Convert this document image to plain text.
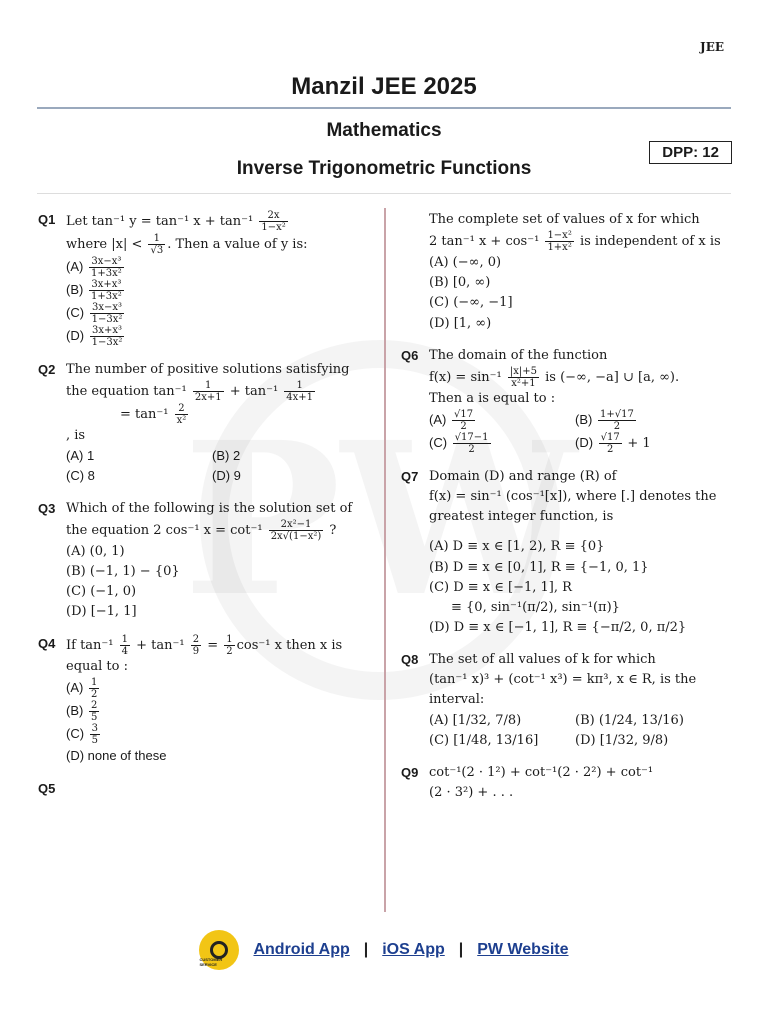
JEE
Manzil JEE 2025
Mathematics
DPP: 12
Inverse Trigonometric Functions
Q1 Let tan⁻¹ y = tan⁻¹ $x + \tan^{-1} \frac{2x}{\text{1−x²}}$

where $|x| < \frac{1}{√3}$ . Then a value of y is:
$(A) \frac{\text{3x−x³}}{\text{1+3x²}}$
$(B) \frac{\text{3x+x³}}{\text{1+3x²}}$
$(C) \frac{\text{3x−x³}}{\text{1−3x²}}$
$(D) \frac{\text{3x+x³}}{\text{1−3x²}}$
Q2 The number of positive solutions satisfying the equation $\tan^{-1} \frac{1}{2x+1} + \tan^{-1} \frac{1}{4x+1}$
= $\tan^{-1} \frac{2}{\text{x²}}$
, is
(A) 1	(B) 2
(C) 8	(D) 9
Q3 Which of the following is the solution set of the equation 2 cos⁻¹ $x = \cot^{-1} \frac{\text{2x²−1}}{\text{2x√(1−x²)}}$ ?
(A) (0, 1)
(B) (−1, 1) − {0}
(C) (−1, 0)
(D) [−1, 1]
Q4 If $\tan^{-1} \frac{1}{4} + \tan^{-1} \frac{2}{9} = \frac{1}{2} \cos^{-1}$ x then x is equal to :
$(A) \frac{1}{2}$
$(B) \frac{2}{5}$
$(C) \frac{3}{5}$
(D) none of these
Q5

The complete set of values of x for which
2 tan⁻¹ $x + \cos^{-1} \frac{\text{1−x²}}{\text{1+x²}}$ is independent of x is
(A) (−∞, 0)
(B) [0, ∞)
(C) (−∞, −1]
(D) [1, ∞)
Q6 The domain of the function
$f(x) = \sin^{-1} \frac{|x|+5}{\text{x²+1}}$ is (−∞, −a] ∪ [a, ∞).
Then a is equal to :
$(A) \frac{√17}{2}$	$(B) \frac{1+√17}{2}$
$(C) \frac{√17-1}{2}$	$(D) \frac{√17}{2} + 1$
Q7 Domain (D) and range (R) of
f(x) = sin⁻¹ (cos⁻¹[x]), where [.] denotes the greatest integer function, is
(A) D ≡ x ∈ [1, 2), R ≡ {0}
(B) D ≡ x ∈ [0, 1], R ≡ {−1, 0, 1}
(C) D ≡ x ∈ [−1, 1], R
≡ {0, sin⁻¹(π/2), sin⁻¹(π)}
(D) D ≡ x ∈ [−1, 1], R ≡ {−π/2, 0, π/2}
Q8 The set of all values of k for which
(tan⁻¹ x)³ + (cot⁻¹ x³) = kπ³, x ∈ R, is the interval:
(A) [1/32, 7/8)	(B) (1/24, 13/16)
(C) [1/48, 13/16]	(D) [1/32, 9/8)
Q9 cot⁻¹(2 · 1²) + cot⁻¹(2 · 2²) + cot⁻¹
(2 · 3²) + . . .
CUSTOMER SERVICE
Android App | iOS App | PW Website
